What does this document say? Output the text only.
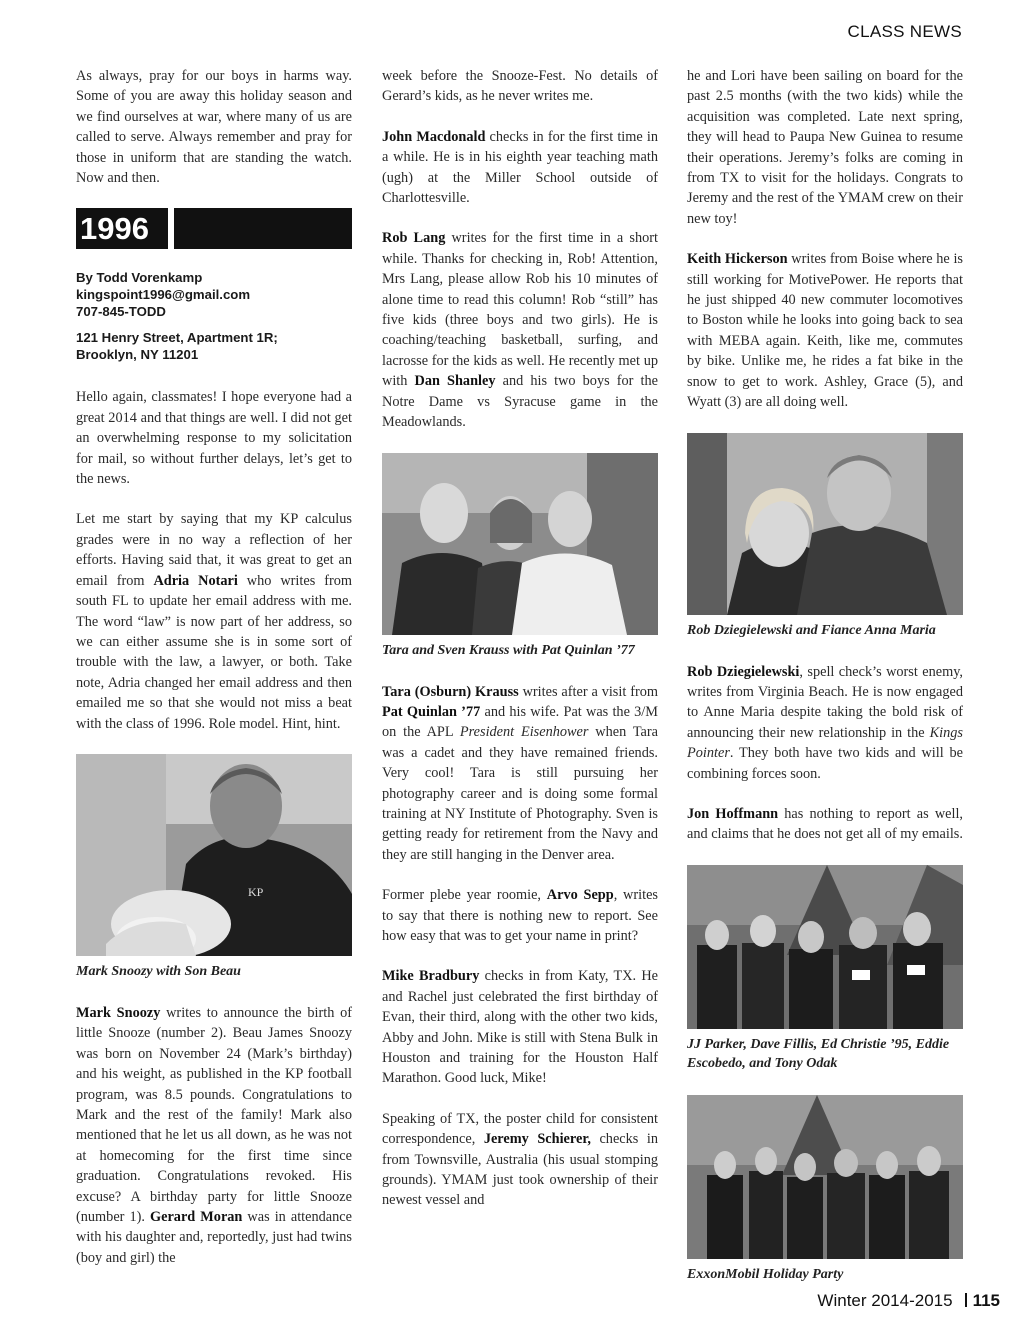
CLASS NEWS

As always, pray for our boys in harms way. Some of you are away this holiday season and we find ourselves at war, where many of us are called to serve. Always remember and pray for those in uniform that are standing the watch. Now and then.

1996
By Todd Vorenkamp
kingspoint1996@gmail.com
707-845-TODD
121 Henry Street, Apartment 1R;
Brooklyn, NY 11201

Hello again, classmates! I hope everyone had a great 2014 and that things are well. I did not get an overwhelming response to my solicitation for mail, so without further delays, let’s get to the news.

Let me start by saying that my KP calculus grades were in no way a reflection of her efforts. Having said that, it was great to get an email from Adria Notari who writes from south FL to update her email address with me. The word “law” is now part of her address, so we can either assume she is in some sort of trouble with the law, a lawyer, or both. Take note, Adria changed her email address and then emailed me so that she would not miss a beat with the class of 1996. Role model. Hint, hint.

KP
Mark Snoozy with Son Beau

Mark Snoozy writes to announce the birth of little Snooze (number 2). Beau James Snoozy was born on November 24 (Mark’s birthday) and his weight, as published in the KP football program, was 8.5 pounds. Congratulations to Mark and the rest of the family! Mark also mentioned that he let us all down, as he was not at homecoming for the first time since graduation. Congratulations revoked. His excuse? A birthday party for little Snooze (number 1). Gerard Moran was in attendance with his daughter and, reportedly, just had twins (boy and girl) the

week before the Snooze-Fest. No details of Gerard’s kids, as he never writes me.

John Macdonald checks in for the first time in a while. He is in his eighth year teaching math (ugh) at the Miller School outside of Charlottesville.

Rob Lang writes for the first time in a short while. Thanks for checking in, Rob! Attention, Mrs Lang, please allow Rob his 10 minutes of alone time to read this column! Rob “still” has five kids (three boys and two girls). He is coaching/teaching basketball, surfing, and lacrosse for the kids as well. He recently met up with Dan Shanley and his two boys for the Notre Dame vs Syracuse game in the Meadowlands.

Tara and Sven Krauss with Pat Quinlan ’77

Tara (Osburn) Krauss writes after a visit from Pat Quinlan ’77 and his wife. Pat was the 3/M on the APL President Eisenhower when Tara was a cadet and they have remained friends. Very cool! Tara is still pursuing her photography career and is doing some formal training at NY Institute of Photography. Sven is getting ready for retirement from the Navy and they are still hanging in the Denver area.

Former plebe year roomie, Arvo Sepp, writes to say that there is nothing new to report. See how easy that was to get your name in print?

Mike Bradbury checks in from Katy, TX. He and Rachel just celebrated the first birthday of Evan, their third, along with the other two kids, Abby and John. Mike is still with Stena Bulk in Houston and training for the Houston Half Marathon. Good luck, Mike!

Speaking of TX, the poster child for consistent correspondence, Jeremy Schierer, checks in from Townsville, Australia (his usual stomping grounds). YMAM just took ownership of their newest vessel and

he and Lori have been sailing on board for the past 2.5 months (with the two kids) while the acquisition was completed. Late next spring, they will head to Paupa New Guinea to resume their operations. Jeremy’s folks are coming in from TX to visit for the holidays. Congrats to Jeremy and the rest of the YMAM crew on their new toy!

Keith Hickerson writes from Boise where he is still working for MotivePower. He reports that he just shipped 40 new commuter locomotives to Boston while he looks into going back to sea with MEBA again. Keith, like me, commutes by bike. Unlike me, he rides a fat bike in the snow to get to work. Ashley, Grace (5), and Wyatt (3) are all doing well.

Rob Dziegielewski and Fiance Anna Maria

Rob Dziegielewski, spell check’s worst enemy, writes from Virginia Beach. He is now engaged to Anne Maria despite taking the bold risk of announcing their new relationship in the Kings Pointer. They both have two kids and will be combining forces soon.

Jon Hoffmann has nothing to report as well, and claims that he does not get all of my emails.

JJ Parker, Dave Fillis, Ed Christie ’95, Eddie Escobedo, and Tony Odak
ExxonMobil Holiday Party
Winter 2014-2015 115
